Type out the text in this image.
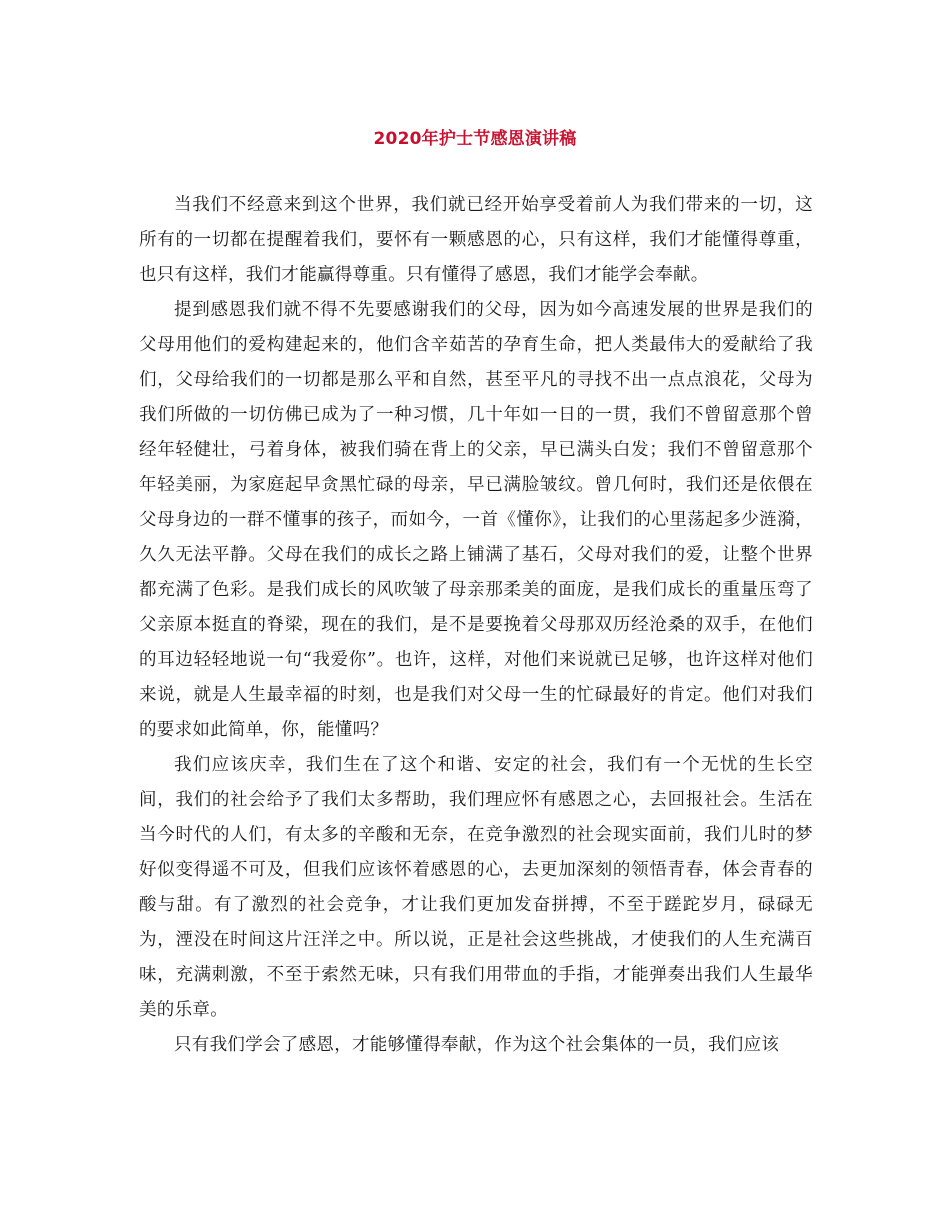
2020年护士节感恩演讲稿

当我们不经意来到这个世界，我们就已经开始享受着前人为我们带来的一切，这所有的一切都在提醒着我们，要怀有一颗感恩的心，只有这样，我们才能懂得尊重，也只有这样，我们才能赢得尊重。只有懂得了感恩，我们才能学会奉献。

提到感恩我们就不得不先要感谢我们的父母，因为如今高速发展的世界是我们的父母用他们的爱构建起来的，他们含辛茹苦的孕育生命，把人类最伟大的爱献给了我们，父母给我们的一切都是那么平和自然，甚至平凡的寻找不出一点点浪花，父母为我们所做的一切仿佛已成为了一种习惯，几十年如一日的一贯，我们不曾留意那个曾经年轻健壮，弓着身体，被我们骑在背上的父亲，早已满头白发；我们不曾留意那个年轻美丽，为家庭起早贪黑忙碌的母亲，早已满脸皱纹。曾几何时，我们还是依偎在父母身边的一群不懂事的孩子，而如今，一首《懂你》，让我们的心里荡起多少涟漪，久久无法平静。父母在我们的成长之路上铺满了基石，父母对我们的爱，让整个世界都充满了色彩。是我们成长的风吹皱了母亲那柔美的面庞，是我们成长的重量压弯了父亲原本挺直的脊梁，现在的我们，是不是要挽着父母那双历经沧桑的双手，在他们的耳边轻轻地说一句“我爱你”。也许，这样，对他们来说就已足够，也许这样对他们来说，就是人生最幸福的时刻，也是我们对父母一生的忙碌最好的肯定。他们对我们的要求如此简单，你，能懂吗？

我们应该庆幸，我们生在了这个和谐、安定的社会，我们有一个无忧的生长空间，我们的社会给予了我们太多帮助，我们理应怀有感恩之心，去回报社会。生活在当今时代的人们，有太多的辛酸和无奈，在竞争激烈的社会现实面前，我们儿时的梦好似变得遥不可及，但我们应该怀着感恩的心，去更加深刻的领悟青春，体会青春的酸与甜。有了激烈的社会竞争，才让我们更加发奋拼搏，不至于蹉跎岁月，碌碌无为，湮没在时间这片汪洋之中。所以说，正是社会这些挑战，才使我们的人生充满百味，充满刺激，不至于索然无味，只有我们用带血的手指，才能弹奏出我们人生最华美的乐章。

只有我们学会了感恩，才能够懂得奉献，作为这个社会集体的一员，我们应该
